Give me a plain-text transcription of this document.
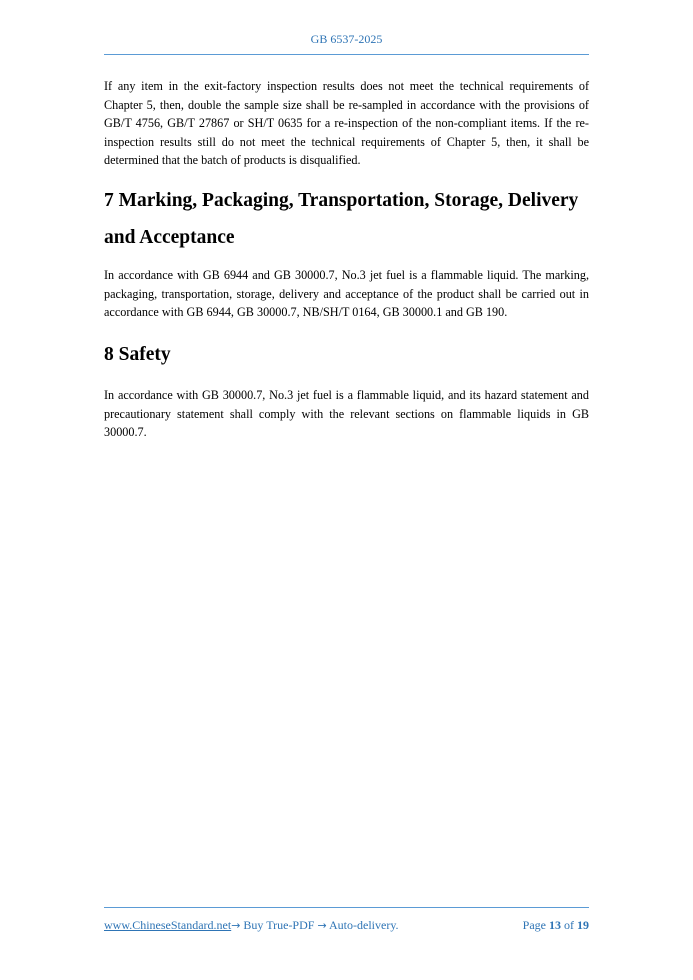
GB 6537-2025
If any item in the exit-factory inspection results does not meet the technical requirements of Chapter 5, then, double the sample size shall be re-sampled in accordance with the provisions of GB/T 4756, GB/T 27867 or SH/T 0635 for a re-inspection of the non-compliant items. If the re-inspection results still do not meet the technical requirements of Chapter 5, then, it shall be determined that the batch of products is disqualified.
7 Marking, Packaging, Transportation, Storage, Delivery and Acceptance
In accordance with GB 6944 and GB 30000.7, No.3 jet fuel is a flammable liquid. The marking, packaging, transportation, storage, delivery and acceptance of the product shall be carried out in accordance with GB 6944, GB 30000.7, NB/SH/T 0164, GB 30000.1 and GB 190.
8 Safety
In accordance with GB 30000.7, No.3 jet fuel is a flammable liquid, and its hazard statement and precautionary statement shall comply with the relevant sections on flammable liquids in GB 30000.7.
www.ChineseStandard.net→ Buy True-PDF → Auto-delivery.	Page 13 of 19
